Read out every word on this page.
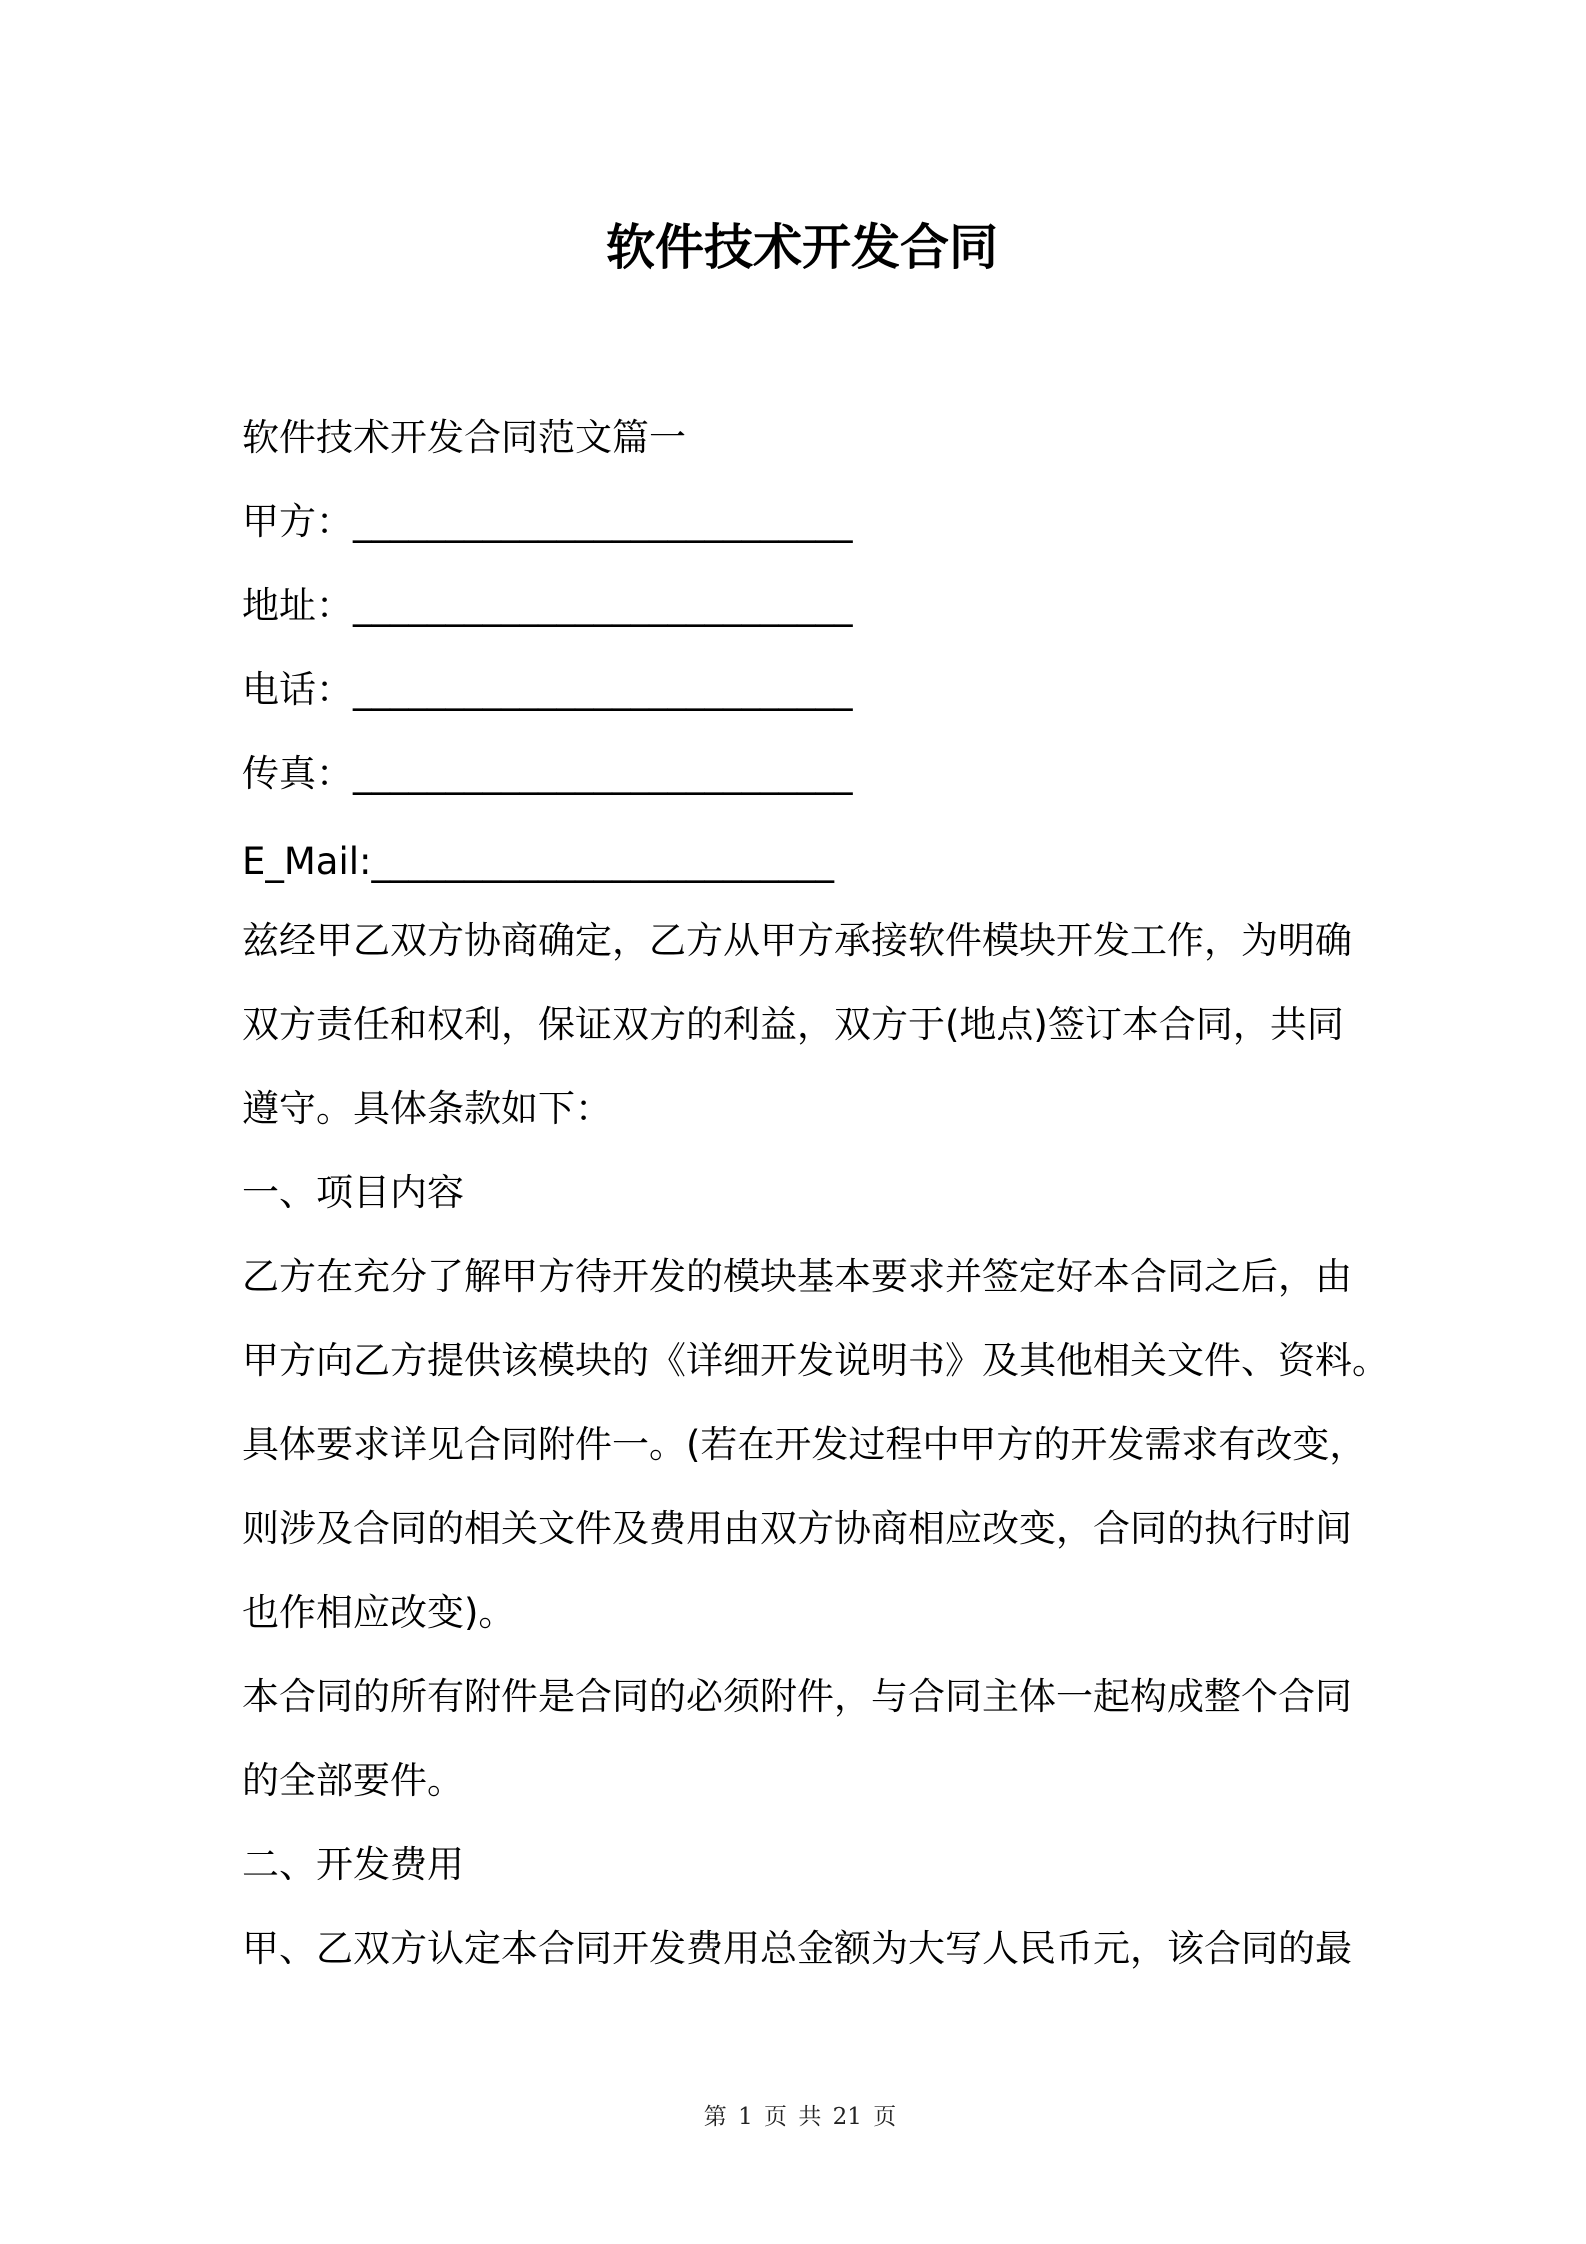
软件技术开发合同
软件技术开发合同范文篇一
甲方：___________________________
地址：___________________________
电话：___________________________
传真：___________________________
E_Mail:_________________________
兹经甲乙双方协商确定，乙方从甲方承接软件模块开发工作，为明确
双方责任和权利，保证双方的利益，双方于(地点)签订本合同，共同
遵守。具体条款如下：
一、项目内容
乙方在充分了解甲方待开发的模块基本要求并签定好本合同之后，由
甲方向乙方提供该模块的《详细开发说明书》及其他相关文件、资料。
具体要求详见合同附件一。(若在开发过程中甲方的开发需求有改变，
则涉及合同的相关文件及费用由双方协商相应改变，合同的执行时间
也作相应改变)。
本合同的所有附件是合同的必须附件，与合同主体一起构成整个合同
的全部要件。
二、开发费用
甲、乙双方认定本合同开发费用总金额为大写人民币元，该合同的最
第 1 页 共 21 页
